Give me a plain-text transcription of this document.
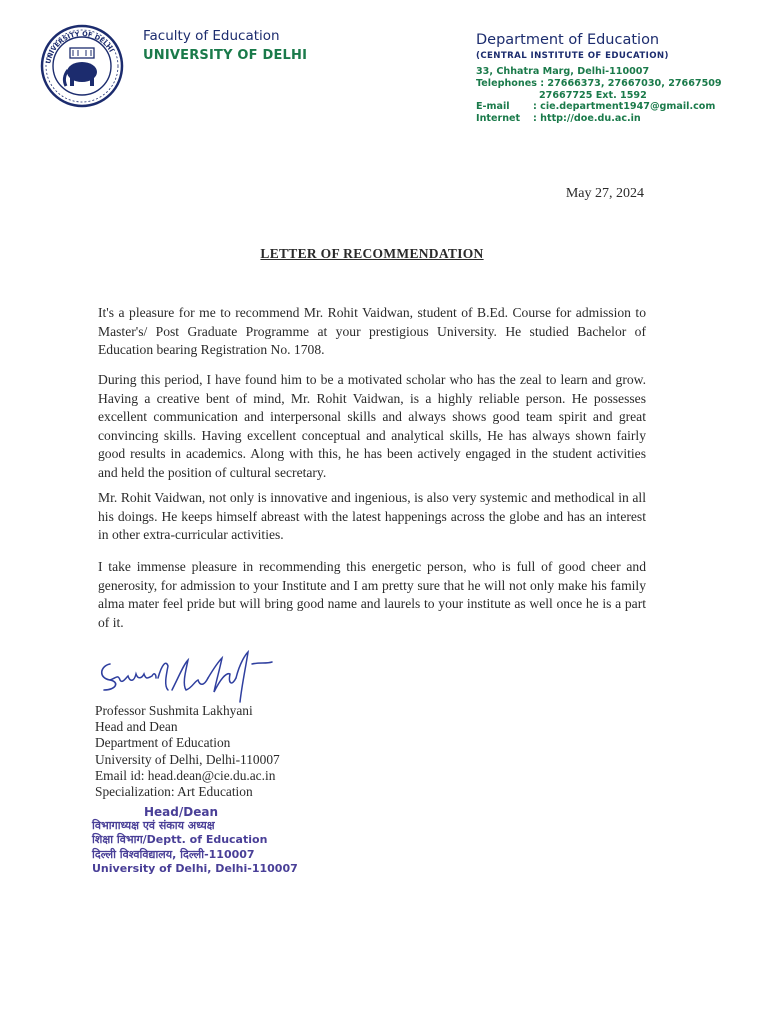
UNIVERSITY OF DELHI
Faculty of Education
UNIVERSITY OF DELHI
Department of Education
(CENTRAL INSTITUTE OF EDUCATION)
33, Chhatra Marg, Delhi-110007
Telephones : 27666373, 27667030, 27667509
27667725 Ext. 1592
E-mail : cie.department1947@gmail.com
Internet : http://doe.du.ac.in
May 27, 2024
LETTER OF RECOMMENDATION
It's a pleasure for me to recommend Mr. Rohit Vaidwan, student of B.Ed. Course for admission to Master's/ Post Graduate Programme at your prestigious University. He studied Bachelor of Education bearing Registration No. 1708.
During this period, I have found him to be a motivated scholar who has the zeal to learn and grow. Having a creative bent of mind, Mr. Rohit Vaidwan, is a highly reliable person. He possesses excellent communication and interpersonal skills and always shows good team spirit and great convincing skills. Having excellent conceptual and analytical skills, He has always shown fairly good results in academics. Along with this, he has been actively engaged in the student activities and held the position of cultural secretary.
Mr. Rohit Vaidwan, not only is innovative and ingenious, is also very systemic and methodical in all his doings. He keeps himself abreast with the latest happenings across the globe and has an interest in other extra-curricular activities.
I take immense pleasure in recommending this energetic person, who is full of good cheer and generosity, for admission to your Institute and I am pretty sure that he will not only make his family alma mater feel pride but will bring good name and laurels to your institute as well once he is a part of it.
Professor Sushmita Lakhyani
Head and Dean
Department of Education
University of Delhi, Delhi-110007
Email id: head.dean@cie.du.ac.in
Specialization: Art Education
Head/Dean
विभागाध्यक्ष एवं संकाय अध्यक्ष
शिक्षा विभाग/Deptt. of Education
दिल्ली विश्वविद्यालय, दिल्ली-110007
University of Delhi, Delhi-110007
